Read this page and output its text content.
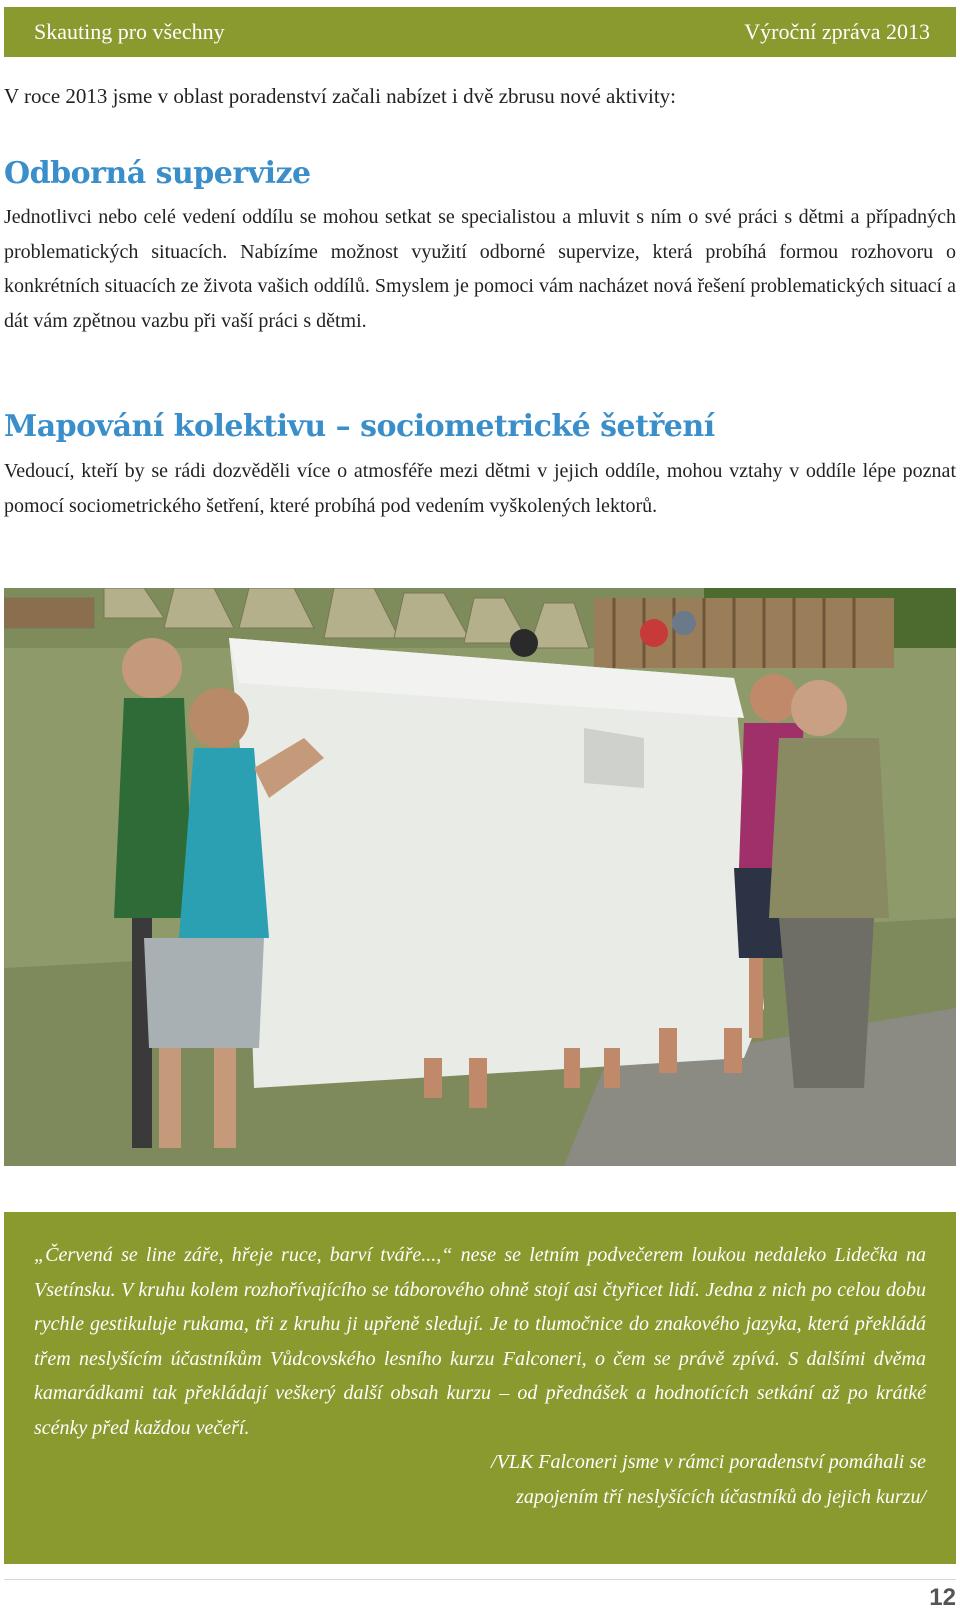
Skauting pro všechny	Výroční zpráva 2013

V roce 2013 jsme v oblast poradenství začali nabízet i dvě zbrusu nové aktivity:

Odborná supervize

Jednotlivci nebo celé vedení oddílu se mohou setkat se specialistou a mluvit s ním o své práci s dětmi a případných problematických situacích. Nabízíme možnost využití odborné supervize, která probíhá formou rozhovoru o konkrétních situacích ze života vašich oddílů. Smyslem je pomoci vám nacházet nová řešení problematických situací a dát vám zpětnou vazbu při vaší práci s dětmi.

Mapování kolektivu – sociometrické šetření

Vedoucí, kteří by se rádi dozvěděli více o atmosféře mezi dětmi v jejich oddíle, mohou vztahy v oddíle lépe poznat pomocí sociometrického šetření, které probíhá pod vedením vyškolených lektorů.

„Červená se line záře, hřeje ruce, barví tváře...,“ nese se letním podvečerem loukou nedaleko Lidečka na Vsetínsku. V kruhu kolem rozhořívajícího se táborového ohně stojí asi čtyřicet lidí. Jedna z nich po celou dobu rychle gestikuluje rukama, tři z kruhu ji upřeně sledují. Je to tlumočnice do znakového jazyka, která překládá třem neslyšícím účastníkům Vůdcovského lesního kurzu Falconeri, o čem se právě zpívá. S dalšími dvěma kamarádkami tak překládají veškerý další obsah kurzu – od přednášek a hodnotících setkání až po krátké scénky před každou večeří.

/VLK Falconeri jsme v rámci poradenství pomáhali se

zapojením tří neslyšících účastníků do jejich kurzu/

12
